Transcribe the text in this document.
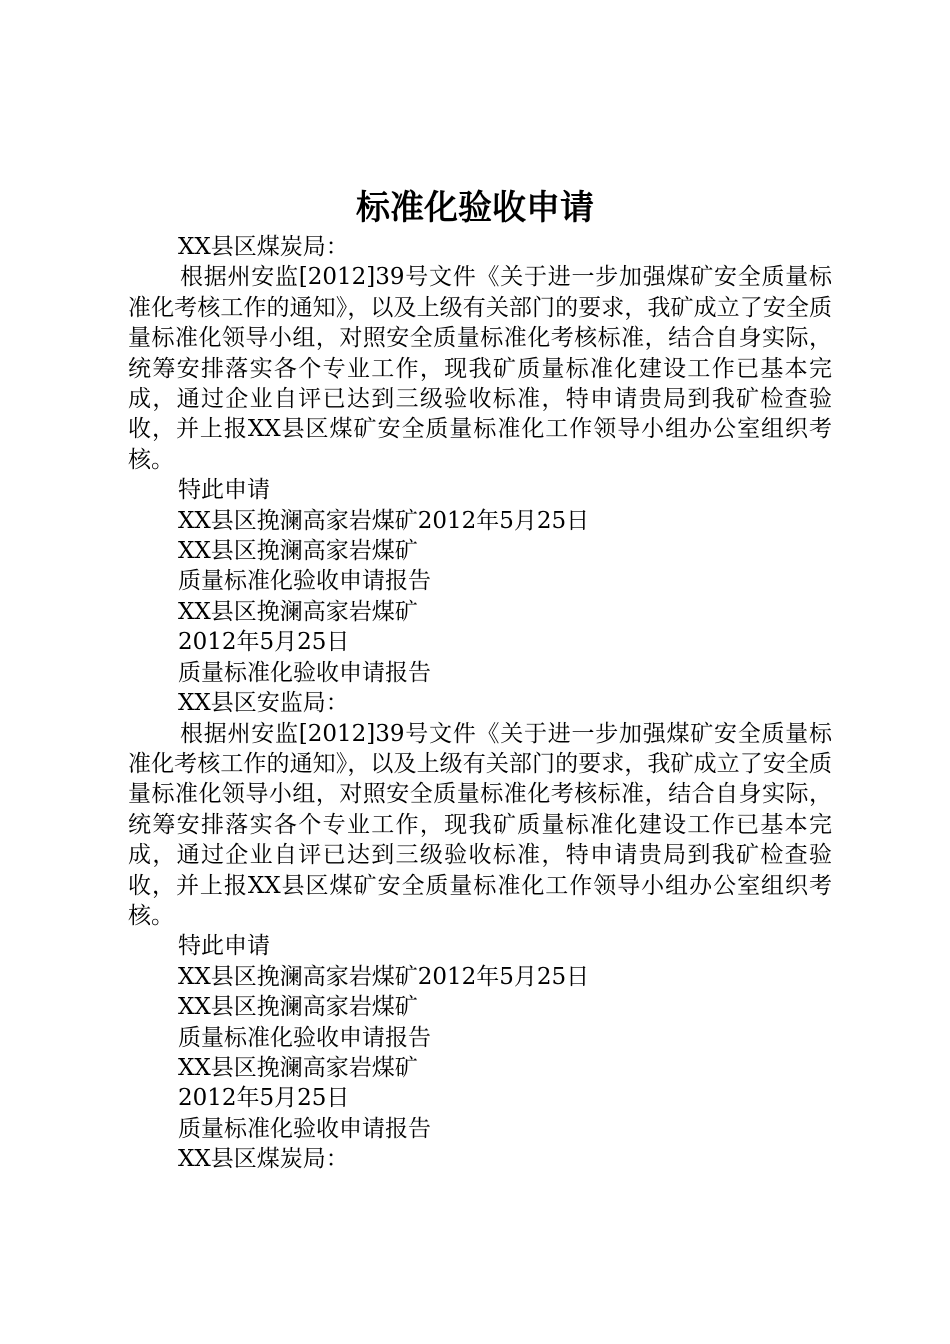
标准化验收申请

XX县区煤炭局：

根据州安监[2012]39号文件《关于进一步加强煤矿安全质量标准化考核工作的通知》，以及上级有关部门的要求，我矿成立了安全质量标准化领导小组，对照安全质量标准化考核标准，结合自身实际，统筹安排落实各个专业工作，现我矿质量标准化建设工作已基本完成，通过企业自评已达到三级验收标准，特申请贵局到我矿检查验收，并上报XX县区煤矿安全质量标准化工作领导小组办公室组织考核。

特此申请

XX县区挽澜高家岩煤矿2012年5月25日

XX县区挽澜高家岩煤矿

质量标准化验收申请报告

XX县区挽澜高家岩煤矿

2012年5月25日

质量标准化验收申请报告

XX县区安监局：

根据州安监[2012]39号文件《关于进一步加强煤矿安全质量标准化考核工作的通知》，以及上级有关部门的要求，我矿成立了安全质量标准化领导小组，对照安全质量标准化考核标准，结合自身实际，统筹安排落实各个专业工作，现我矿质量标准化建设工作已基本完成，通过企业自评已达到三级验收标准，特申请贵局到我矿检查验收，并上报XX县区煤矿安全质量标准化工作领导小组办公室组织考核。

特此申请

XX县区挽澜高家岩煤矿2012年5月25日

XX县区挽澜高家岩煤矿

质量标准化验收申请报告

XX县区挽澜高家岩煤矿

2012年5月25日

质量标准化验收申请报告

XX县区煤炭局：
